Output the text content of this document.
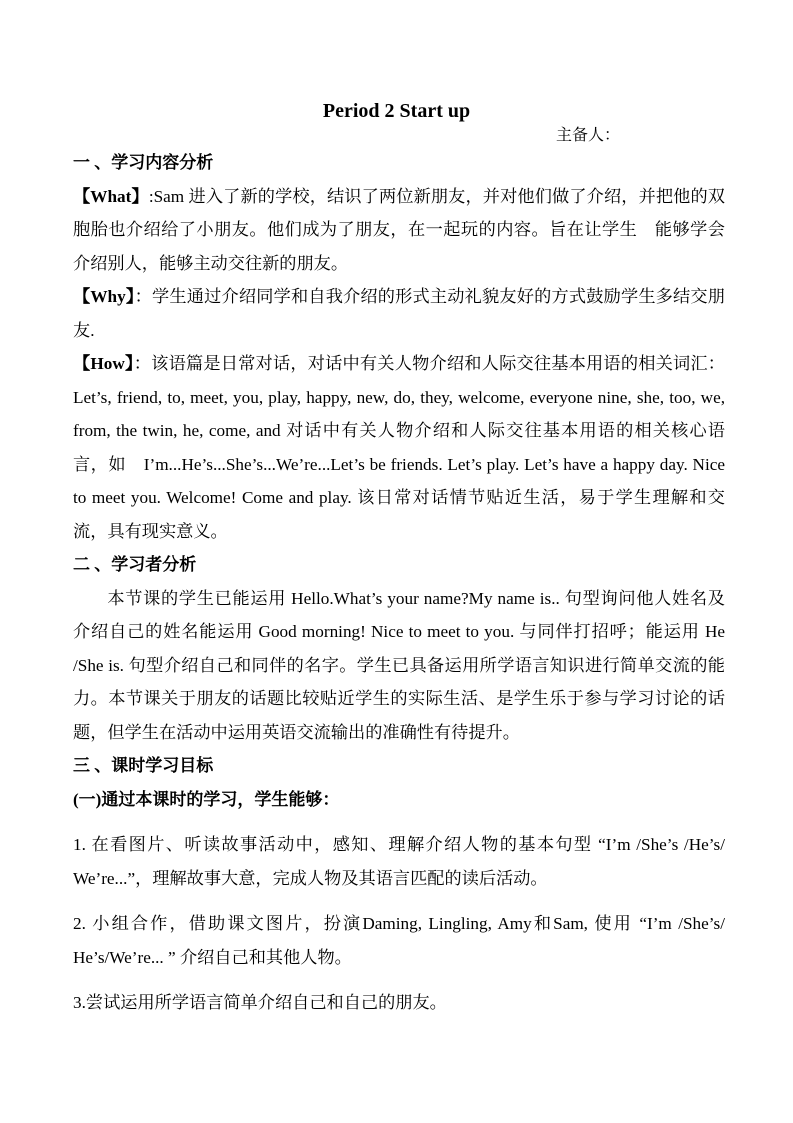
Period 2 Start up
主备人：

一 、学习内容分析

【What】:Sam 进入了新的学校，结识了两位新朋友，并对他们做了介绍，并把他的双胞胎也介绍给了小朋友。他们成为了朋友，在一起玩的内容。旨在让学生　能够学会介绍别人，能够主动交往新的朋友。

【Why】：学生通过介绍同学和自我介绍的形式主动礼貌友好的方式鼓励学生多结交朋友.

【How】：该语篇是日常对话，对话中有关人物介绍和人际交往基本用语的相关词汇：Let’s, friend, to, meet, you, play, happy, new, do, they, welcome, everyone nine, she, too, we, from, the twin, he, come, and 对话中有关人物介绍和人际交往基本用语的相关核心语言，如　I’m...He’s...She’s...We’re...Let’s be friends. Let’s play. Let’s have a happy day. Nice to meet you. Welcome! Come and play. 该日常对话情节贴近生活，易于学生理解和交流，具有现实意义。

二 、学习者分析

本节课的学生已能运用 Hello.What’s your name?My name is.. 句型询问他人姓名及介绍自己的姓名能运用 Good morning! Nice to meet to you. 与同伴打招呼；能运用 He /She is. 句型介绍自己和同伴的名字。学生已具备运用所学语言知识进行简单交流的能力。本节课关于朋友的话题比较贴近学生的实际生活、是学生乐于参与学习讨论的话题，但学生在活动中运用英语交流输出的准确性有待提升。

三 、课时学习目标

(一)通过本课时的学习，学生能够：

1. 在看图片、听读故事活动中，感知、理解介绍人物的基本句型 “I’m /She’s /He’s/ We’re...”，理解故事大意，完成人物及其语言匹配的读后活动。

2. 小组合作，借助课文图片，扮演Daming, Lingling, Amy和Sam, 使用 “I’m /She’s/ He’s/We’re... ” 介绍自己和其他人物。

3.尝试运用所学语言简单介绍自己和自己的朋友。
